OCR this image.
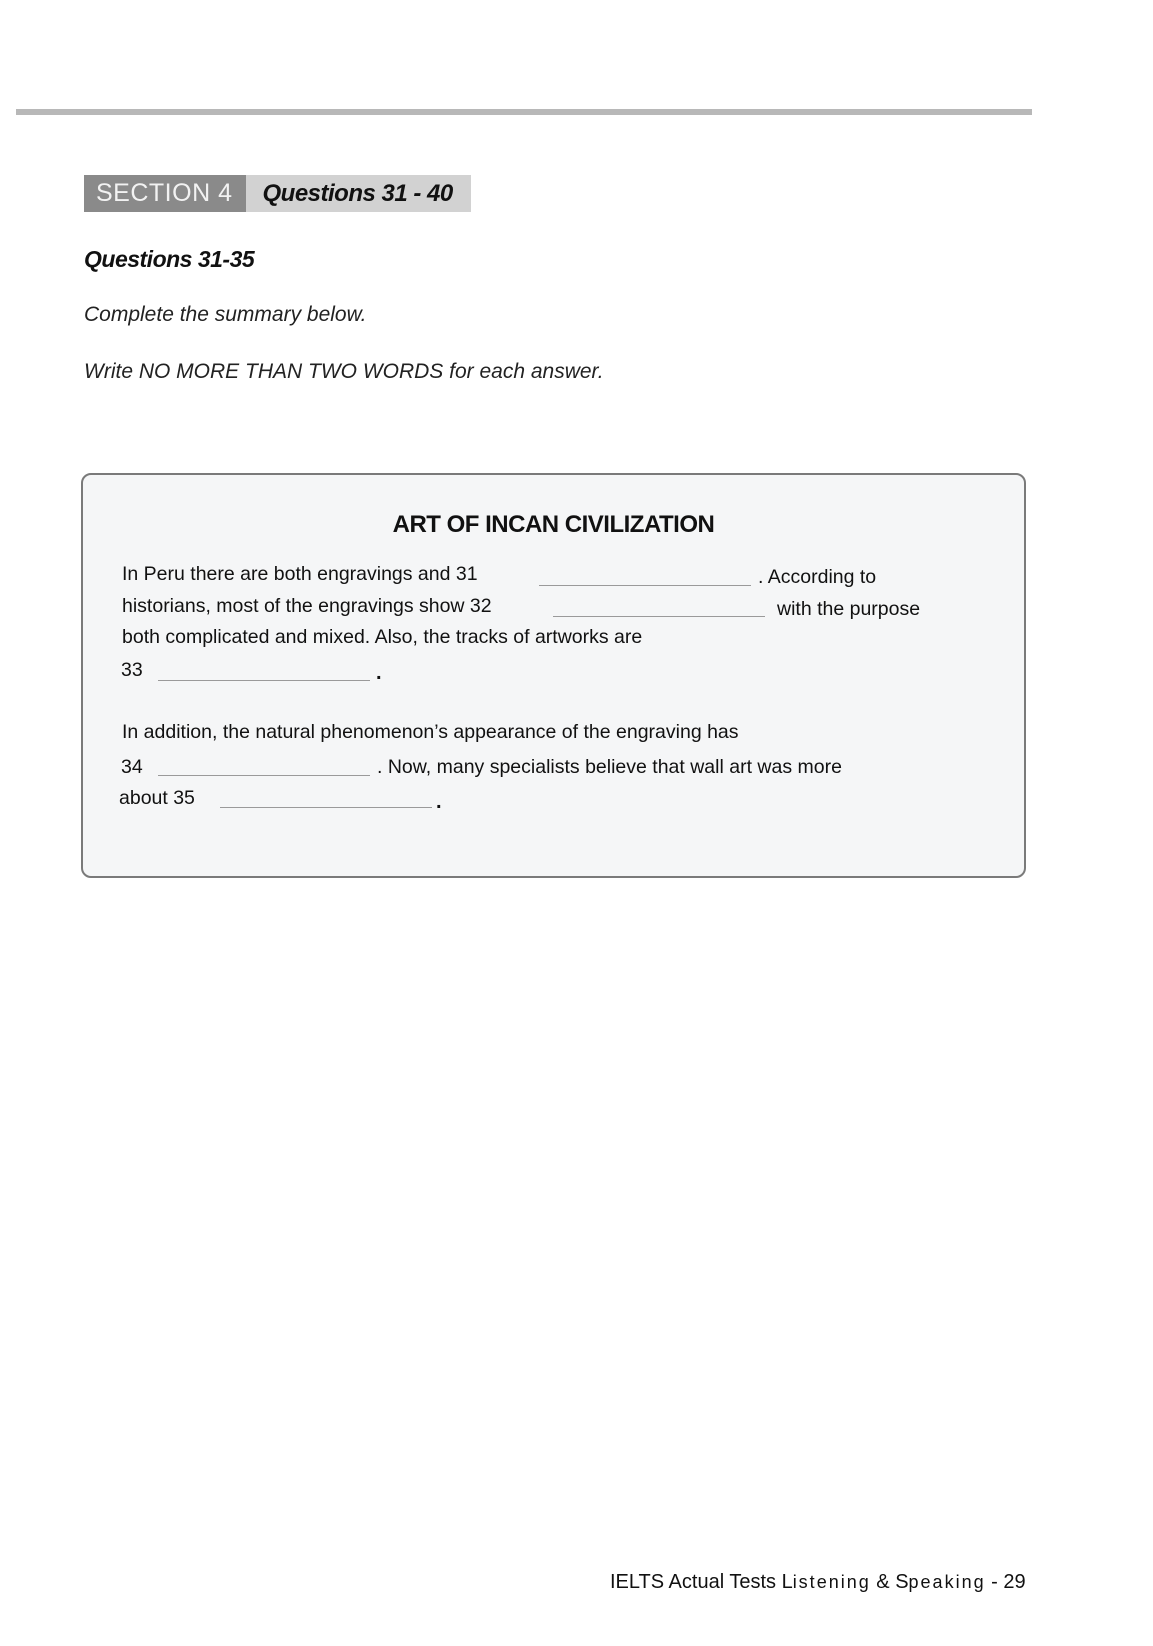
SECTION 4	Questions 31 - 40
Questions 31-35
Complete the summary below.
Write NO MORE THAN TWO WORDS for each answer.
ART OF INCAN CIVILIZATION
In Peru there are both engravings and 31	. According to
historians, most of the engravings show 32	with the purpose
both complicated and mixed. Also, the tracks of artworks are
33	.
In addition, the natural phenomenon’s appearance of the engraving has
34	. Now, many specialists believe that wall art was more
about 35	.
IELTS Actual Tests Listening & Speaking - 29
